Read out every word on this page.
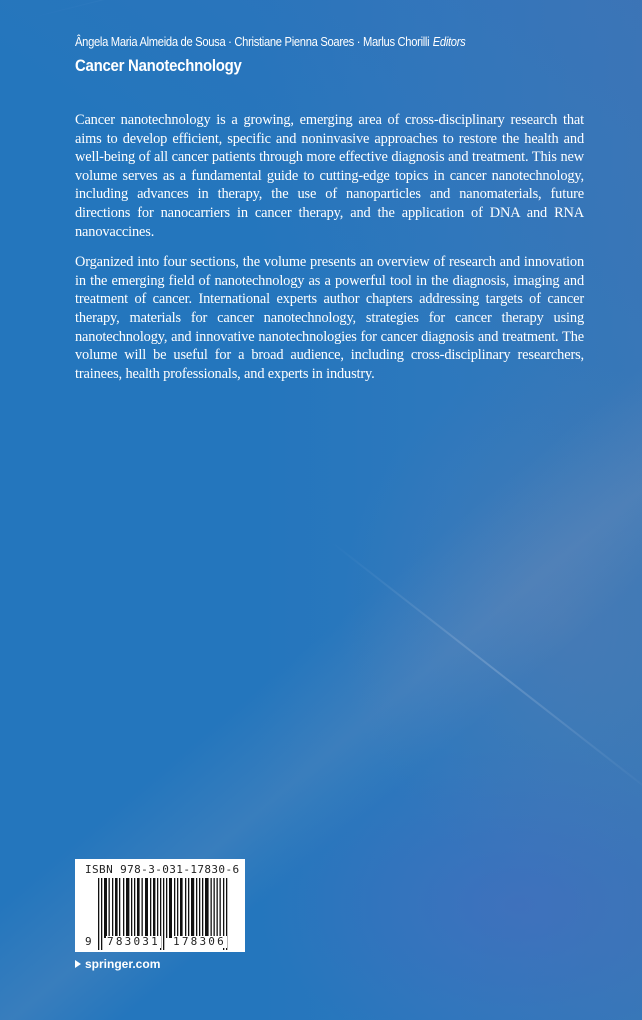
Ângela Maria Almeida de Sousa · Christiane Pienna Soares · Marlus Chorilli Editors
Cancer Nanotechnology

Cancer nanotechnology is a growing, emerging area of cross-disciplinary research that aims to develop efficient, specific and noninvasive approaches to restore the health and well-being of all cancer patients through more effective diagnosis and treatment. This new volume serves as a fundamental guide to cutting-edge topics in cancer nanotechnology, including advances in therapy, the use of nanoparticles and nanomaterials, future directions for nanocarriers in cancer therapy, and the application of DNA and RNA nanovaccines.

Organized into four sections, the volume presents an overview of research and innovation in the emerging field of nanotechnology as a powerful tool in the diagnosis, imaging and treatment of cancer. International experts author chapters addressing targets of cancer therapy, materials for cancer nanotechnology, strategies for cancer therapy using nanotechnology, and innovative nanotechnologies for cancer diagnosis and treatment. The volume will be useful for a broad audience, including cross-disciplinary researchers, trainees, health professionals, and experts in industry.

ISBN 978-3-031-17830-6
9 783031 178306
springer.com
